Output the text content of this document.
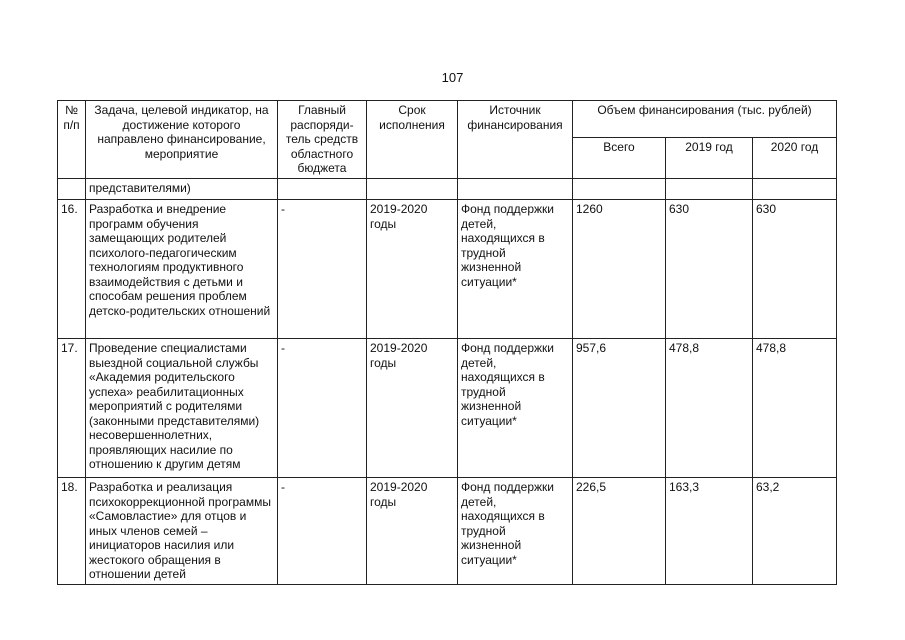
107
№ п/п	Задача, целевой индикатор, на достижение которого направлено финансирование, мероприятие	Главный распоряди-тель средств областного бюджета	Срок исполнения	Источник финансирования	Объем финансирования (тыс. рублей)		
					Всего	2019 год	2020 год
	представителями)						
16.	Разработка и внедрение программ обучения замещающих родителей психолого-педагогическим технологиям продуктивного взаимодействия с детьми и способам решения проблем детско-родительских отношений	-	2019-2020 годы	Фонд поддержки детей, находящихся в трудной жизненной ситуации*	1260	630	630
17.	Проведение специалистами выездной социальной службы «Академия родительского успеха» реабилитационных мероприятий с родителями (законными представителями) несовершеннолетних, проявляющих насилие по отношению к другим детям	-	2019-2020 годы	Фонд поддержки детей, находящихся в трудной жизненной ситуации*	957,6	478,8	478,8
18.	Разработка и реализация психокоррекционной программы «Самовластие» для отцов и иных членов семей – инициаторов насилия или жестокого обращения в отношении детей	-	2019-2020 годы	Фонд поддержки детей, находящихся в трудной жизненной ситуации*	226,5	163,3	63,2
